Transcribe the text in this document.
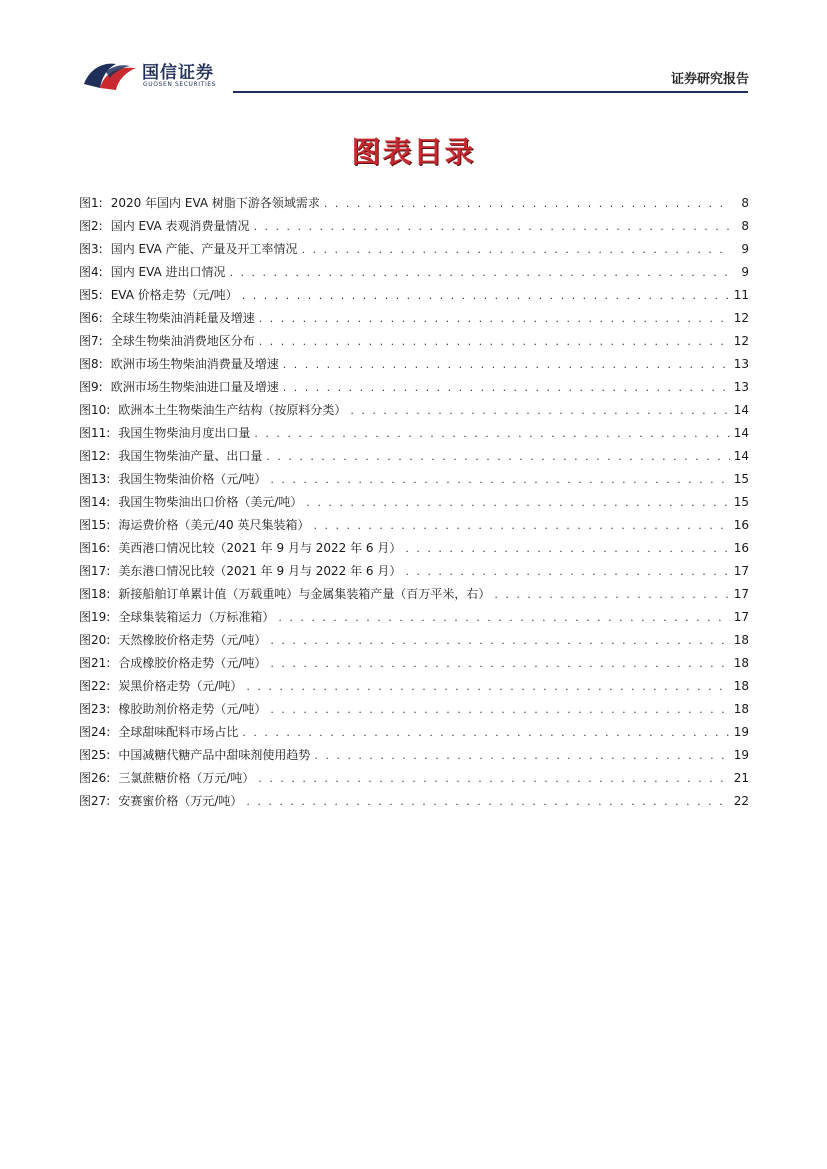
国信证券
GUOSEN SECURITIES	证券研究报告
图表目录
图1: 2020 年国内 EVA 树脂下游各领域需求 . . .	8
图2: 国内 EVA 表观消费量情况 . . .	8
图3: 国内 EVA 产能、产量及开工率情况 . . .	9
图4: 国内 EVA 进出口情况 . . .	9
图5: EVA 价格走势（元/吨） . . .	11
图6: 全球生物柴油消耗量及增速 . . .	12
图7: 全球生物柴油消费地区分布 . . .	12
图8: 欧洲市场生物柴油消费量及增速 . . .	13
图9: 欧洲市场生物柴油进口量及增速 . . .	13
图10: 欧洲本土生物柴油生产结构（按原料分类） . . .	14
图11: 我国生物柴油月度出口量 . . .	14
图12: 我国生物柴油产量、出口量 . . .	14
图13: 我国生物柴油价格（元/吨） . . .	15
图14: 我国生物柴油出口价格（美元/吨） . . .	15
图15: 海运费价格（美元/40 英尺集装箱） . . .	16
图16: 美西港口情况比较（2021 年 9 月与 2022 年 6 月） . . .	16
图17: 美东港口情况比较（2021 年 9 月与 2022 年 6 月） . . .	17
图18: 新接船舶订单累计值（万载重吨）与金属集装箱产量（百万平米，右） . . .	17
图19: 全球集装箱运力（万标准箱） . . .	17
图20: 天然橡胶价格走势（元/吨） . . .	18
图21: 合成橡胶价格走势（元/吨） . . .	18
图22: 炭黑价格走势（元/吨） . . .	18
图23: 橡胶助剂价格走势（元/吨） . . .	18
图24: 全球甜味配料市场占比 . . .	19
图25: 中国减糖代糖产品中甜味剂使用趋势 . . .	19
图26: 三氯蔗糖价格（万元/吨） . . .	21
图27: 安赛蜜价格（万元/吨） . . .	22
